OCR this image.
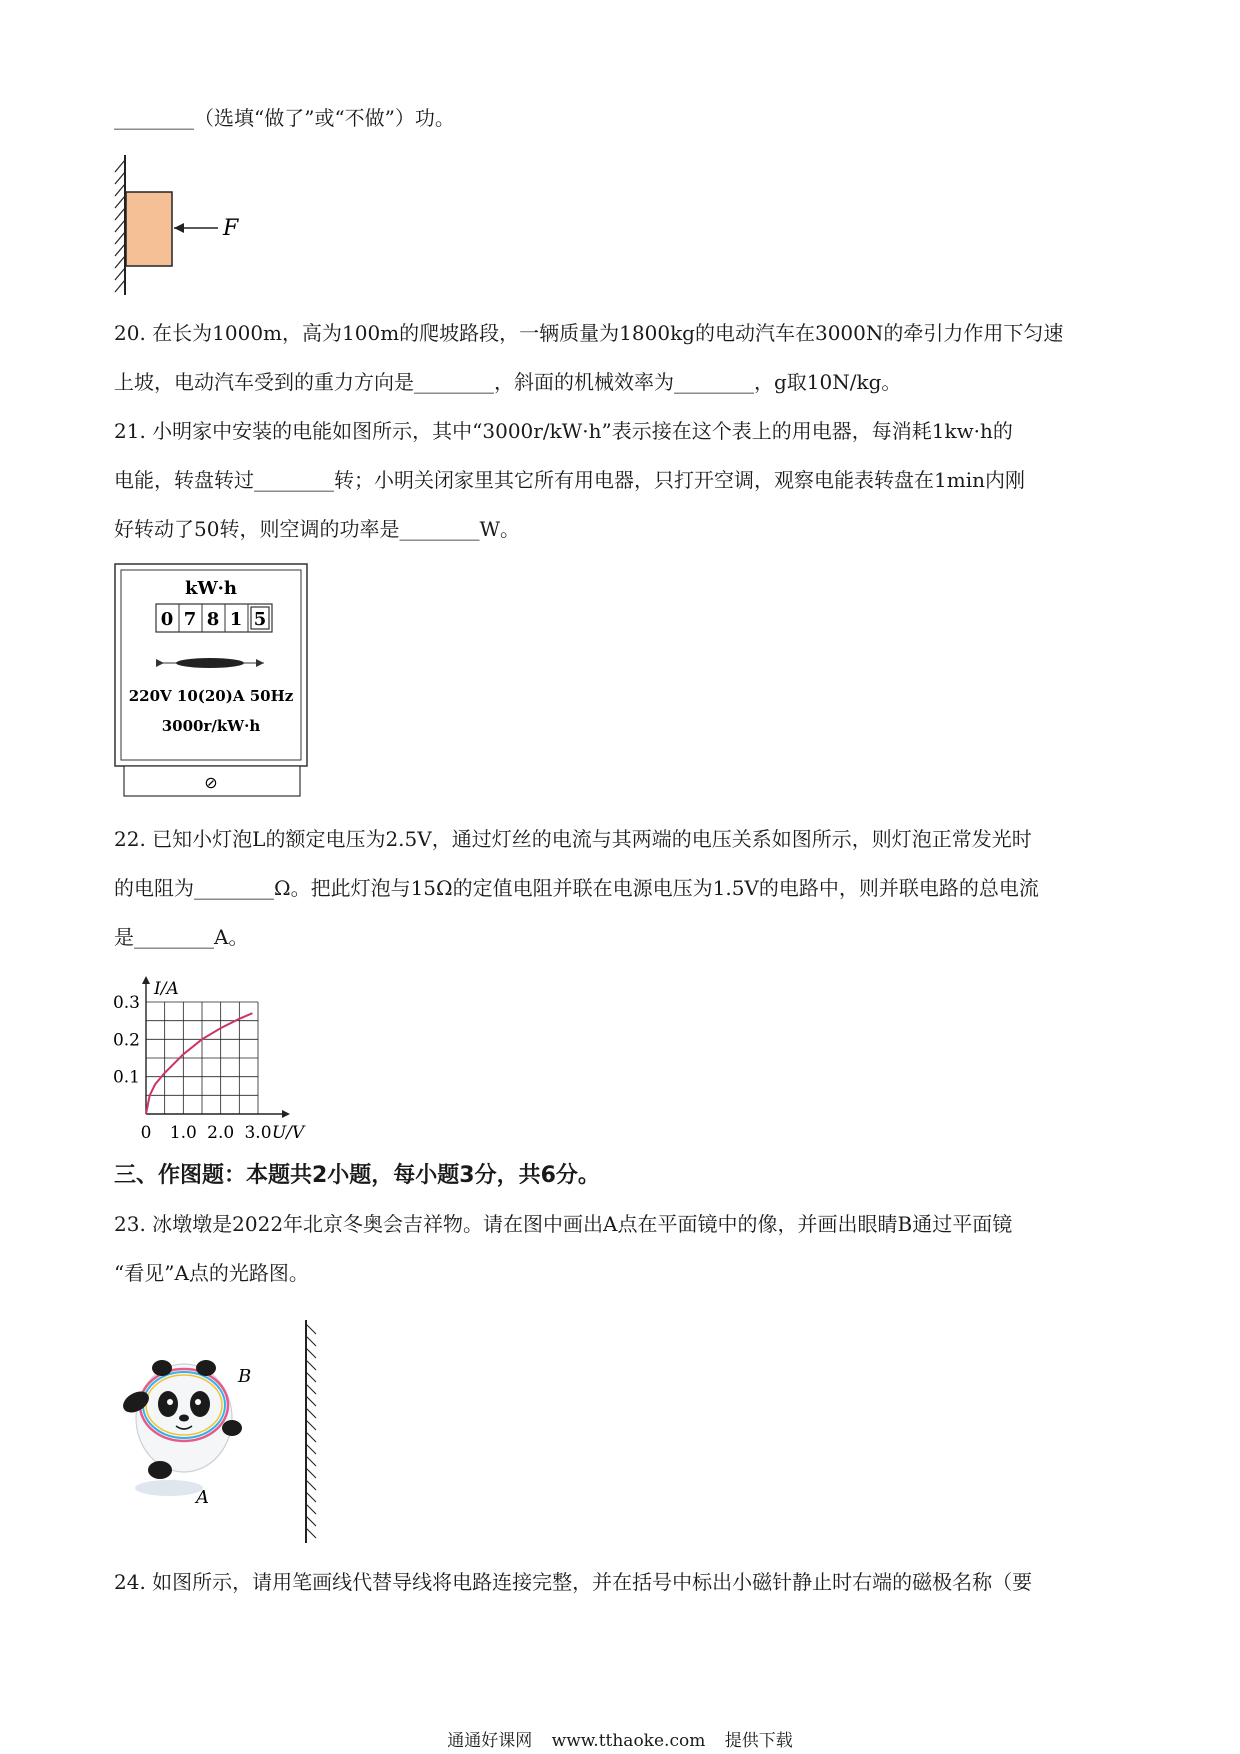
________（选填“做了”或“不做”）功。
F
20. 在长为1000m，高为100m的爬坡路段，一辆质量为1800kg的电动汽车在3000N的牵引力作用下匀速
上坡，电动汽车受到的重力方向是________，斜面的机械效率为________，g取10N/kg。
21. 小明家中安装的电能如图所示，其中“3000r/kW·h”表示接在这个表上的用电器，每消耗1kw·h的
电能，转盘转过________转；小明关闭家里其它所有用电器，只打开空调，观察电能表转盘在1min内刚
好转动了50转，则空调的功率是________W。
kW·h
0 7 8 1 5
220V 10(20)A 50Hz
3000r/kW·h
⊘
22. 已知小灯泡L的额定电压为2.5V，通过灯丝的电流与其两端的电压关系如图所示，则灯泡正常发光时
的电阻为________Ω。把此灯泡与15Ω的定值电阻并联在电源电压为1.5V的电路中，则并联电路的总电流
是________A。
0 1.0 2.0 3.0
0.1
0.2
0.3
U/V
I/A
三、作图题：本题共2小题，每小题3分，共6分。
23. 冰墩墩是2022年北京冬奥会吉祥物。请在图中画出A点在平面镜中的像，并画出眼睛B通过平面镜
“看见”A点的光路图。
B
A
24. 如图所示，请用笔画线代替导线将电路连接完整，并在括号中标出小磁针静止时右端的磁极名称（要
通通好课网 www.tthaoke.com 提供下载
